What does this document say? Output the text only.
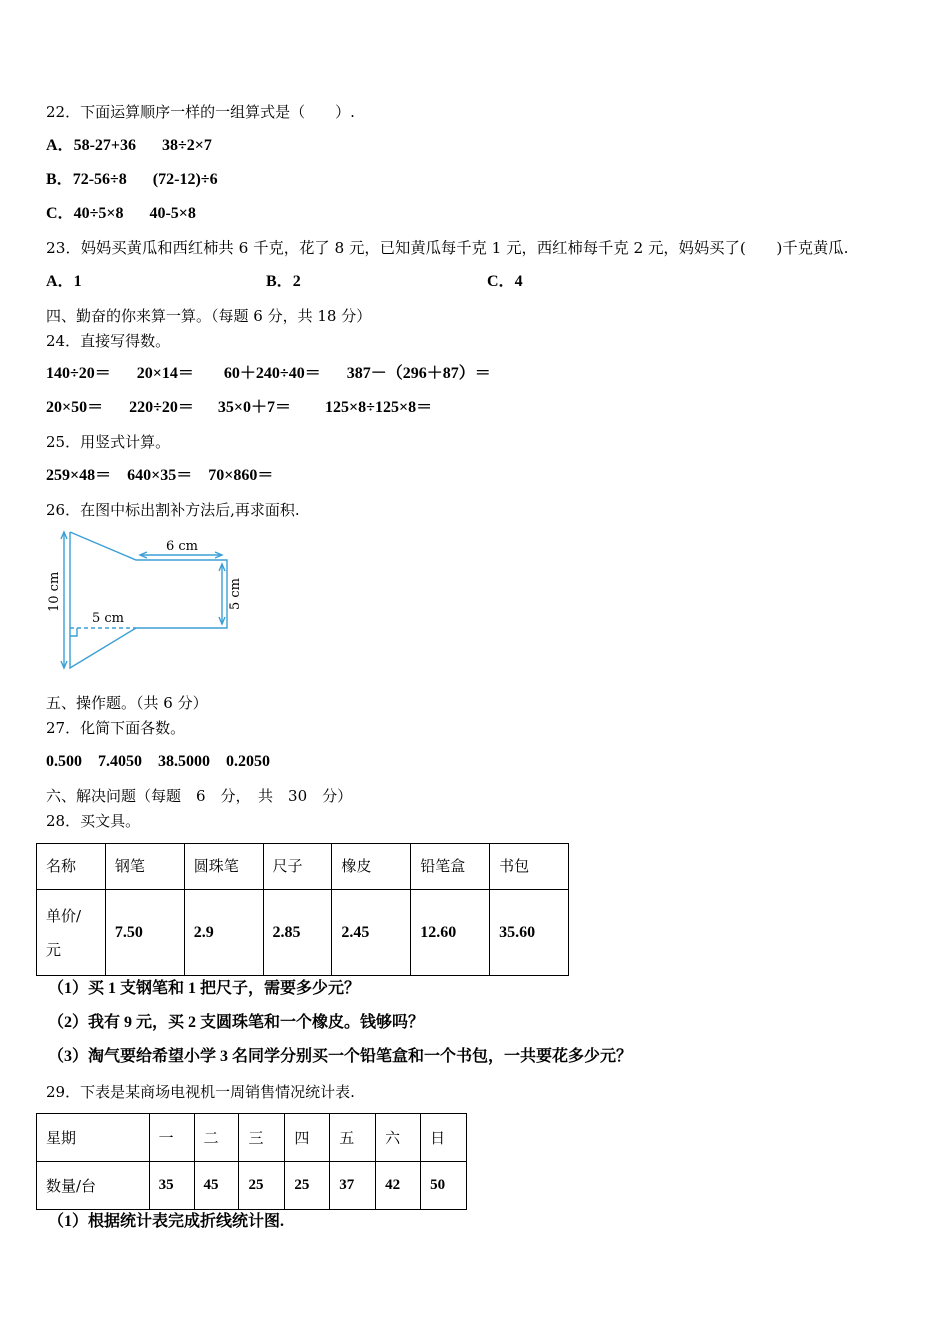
22．下面运算顺序一样的一组算式是（　　）.
A．58-27+36 38÷2×7
B．72-56÷8 (72-12)÷6
C．40÷5×8 40-5×8
23．妈妈买黄瓜和西红柿共 6 千克，花了 8 元，已知黄瓜每千克 1 元，西红柿每千克 2 元，妈妈买了(　　)千克黄瓜.
A．1	B．2	C．4
四、勤奋的你来算一算。（每题 6 分，共 18 分）
24．直接写得数。
140÷20＝ 20×14＝ 60＋240÷40＝ 387－（296＋87）＝
20×50＝ 220÷20＝ 35×0＋7＝ 125×8÷125×8＝
25．用竖式计算。
259×48＝ 640×35＝ 70×860＝
26．在图中标出割补方法后,再求面积.
6 cm
5 cm
5 cm
10 cm
五、操作题。（共 6 分）
27．化简下面各数。
0.500 7.4050 38.5000 0.2050
六、解决问题（每题　6　分，　共　30　分）
28．买文具。
名称	钢笔	圆珠笔	尺子	橡皮	铅笔盒	书包
单价/
元	7.50	2.9	2.85	2.45	12.60	35.60
（1）买 1 支钢笔和 1 把尺子，需要多少元？
（2）我有 9 元，买 2 支圆珠笔和一个橡皮。钱够吗？
（3）淘气要给希望小学 3 名同学分别买一个铅笔盒和一个书包，一共要花多少元？
29．下表是某商场电视机一周销售情况统计表.
星期	一	二	三	四	五	六	日
数量/台	35	45	25	25	37	42	50
（1）根据统计表完成折线统计图.
